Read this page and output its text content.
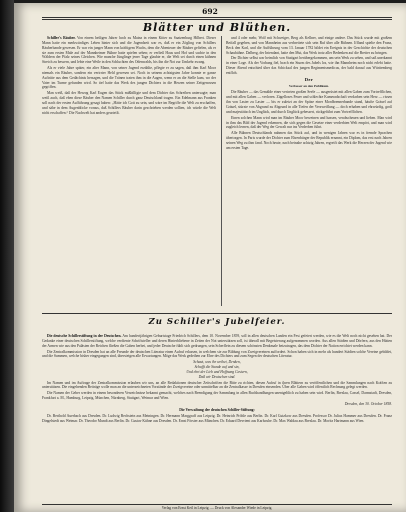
692
Blätter und Blüthen.

Schiller's Räuber. Von einem heiligen Jahrer hoch zu Mainz in einem Kitter zu Saatzenburg Hilbert. Dieser Mann hatte ein merkwürdiges Leben hinter sich und die Jugendzeit war es, daß er ein Zögling von Schillers Räuberbande gewesen. Er war ein junger Mann von kräftigem Wuchs, dem die Abenteuer der Räuber gefielen, als er sie zum ersten Male auf der Mannheimer Bühne hatte spielen sehen; er verließ Haus und Hof und suchte in den Wäldern der Pfalz seines Gleichen. Wie manche Jünglinge jener Tage glaubte er, die Welt sei durch einen kühnen Streich zu bessern, und lebte eine Weile in den Schluchten des Odenwalds, bis ihn die Not zur Umkehr zwang.

Als er viele Jahre später, ein alter Mann, von seiner Jugend erzählte, pflegte er zu sagen, daß ihm Karl Moor niemals ein Räuber, sondern ein verirrter Held gewesen sei. Noch in seinem achtzigsten Jahre konnte er ganze Auftritte aus dem Gedächtnis hersagen, und die Tränen traten ihm in die Augen, wenn er an die Stelle kam, wo der Vater im Turme gefunden wird. So tief hatte das Werk des jungen Dichters in die Herzen seiner Zeitgenossen gegriffen.

Man weiß, daß der Herzog Karl Eugen das Stück mißbilligte und dem Dichter das Schreiben untersagte; man weiß auch, daß eben diese Räuber den Namen Schiller durch ganz Deutschland trugen. Ein Edelmann aus Franken soll nach der ersten Aufführung gesagt haben: „Hätte ich Gott zu sein, und wäre im Begriffe die Welt zu erschaffen, und sähe in dem Augenblicke voraus, daß Schillers Räuber darin geschrieben werden sollten, ich würde die Welt nicht erschaffen.“ Die Nachwelt hat anders geurteilt.

und 4 oder mehr, Wolf mit Schweiger, Berg als Kellner, und einige andere. Das Stück wurde mit großem Beifall gegeben, und von Mannheim aus verbreitete sich sein Ruf über alle Bühnen. Iffland spielte den Franz, Beck den Karl, und die Aufführung vom 13. Januar 1782 bildet ein Ereignis in der Geschichte der deutschen Schaubühne. Dalberg, der Intendant, hatte den Mut, das Werk trotz aller Bedenken auf die Bretter zu bringen.

Der Dichter selbst war heimlich von Stuttgart herübergekommen, um sein Werk zu sehen, und saß unerkannt in einer Loge. Als der Vorhang fiel, brach ein Sturm des Jubels los, wie ihn Mannheim noch nicht erlebt hatte. Dieser Abend entschied über das Schicksal des jungen Regimentsmedicus, der bald darauf aus Württemberg entfloh.

Der
Verfasser an den Publikum.

Die Räuber — das Gemälde einer verirrten großen Seele — ausgerüstet mit allen Gaben zum Vortrefflichen, und mit allen Gaben — verloren. Zügelloses Feuer und schlechte Kameradschaft verdarben sein Herz — rissen ihn von Laster zu Laster — bis er zuletzt an der Spitze einer Mordbrennerbande stand, häufte Gräuel auf Gräuel, stürzte von Abgrund zu Abgrund in alle Tiefen der Verzweiflung — doch erhaben und ehrwürdig, groß und majestätisch im Unglück, und durch Unglück gebessert, rückgeführt zum Vortrefflichen.

Einen solchen Mann wird man im Räuber Moor beweinen und hassen, verabscheuen und lieben. Man wird in ihm das Bild der Jugend erkennen, die sich gegen die Gesetze einer verderbten Welt empört, und man wird zugleich lernen, daß der Weg der Gewalt nur ins Verderben führt.

Alle Bühnen Deutschlands nahmen das Stück auf, und in wenigen Jahren war es in fremde Sprachen übertragen. In Paris wurde der Dichter zum Ehrenbürger der Republik ernannt, ein Diplom, das erst nach Jahren seinen Weg zu ihm fand. Noch heute, nach beinahe achtzig Jahren, ergreift das Werk die Herzen der Jugend wie am ersten Tage.

Zu Schiller's Jubelfeier.

Die deutsche Schillerstiftung in der Deutschen. Am hundertjährigen Geburtstage Friedrich Schillers, dem 10. November 1859, soll in allen deutschen Landen ein Fest gefeiert werden, wie es die Welt noch nicht gesehen hat. Der Gedanke einer deutschen Schillerstiftung, welche verdiente Schriftsteller und deren Hinterbliebene in Zeiten der Not unterstützen soll, ist überall mit Begeisterung aufgenommen worden. Aus allen Städten und Dörfern, aus den Hütten der Armen wie aus den Palästen der Reichen fließen die Gaben herbei, und jeder Deutsche fühlt sich gedrungen, sein Scherflein zu diesem schönsten Denkmale beizutragen, das dem Dichter der Nation errichtet werden kann.

Die Zentralkommission in Dresden hat an alle Freunde der deutschen Literatur einen Aufruf erlassen, in welchem sie zur Bildung von Zweigvereinen auffordert. Schon haben sich in mehr als hundert Städten solche Vereine gebildet, und die Summen, welche bisher eingegangen sind, übersteigen alle Erwartungen. Möge das Werk gedeihen zur Ehre des Dichters und zum Segen der deutschen Literatur.

Schaut, was ihr weihet, Denken,
Schafft die Stunde auf und sin,
Und ehrt der Lieb und Hoffnung Gestern,
Daß wir Deutschen sind.

Im Namen und im Auftrage der Zentralkommission erlauben wir uns, an alle Redaktionen deutscher Zeitschriften die Bitte zu richten, diesen Aufruf in ihren Blättern zu veröffentlichen und die Sammlungen nach Kräften zu unterstützen. Die eingehenden Beiträge wolle man an die unterzeichneten Vorstände der Zweigvereine oder unmittelbar an die Zentralkasse in Dresden einsenden. Über alle Gaben wird öffentlich Rechnung gelegt werden.

Die Namen der Geber werden in einem besonderen Verzeichnisse bekannt gemacht, welches nach Beendigung der Sammlung in allen Buchhandlungen unentgeltlich zu haben sein wird. Berlin, Breslau, Cassel, Darmstadt, Dresden, Frankfurt a. M., Hamburg, Leipzig, München, Nürnberg, Stuttgart, Weimar und Wien.

Dresden, den 30. October 1858.

Die Verwaltung der deutschen Schiller-Stiftung:

Dr. Berthold Auerbach aus Dresden. Dr. Ludwig Bechstein aus Meiningen. Dr. Hermann Marggraff aus Leipzig. Dr. Heinrich Pröhle aus Berlin. Dr. Karl Gutzkow aus Dresden. Professor Dr. Julius Hammer aus Dresden. Dr. Franz Dingelstedt aus Weimar. Dr. Theodor Mundt aus Berlin. Dr. Gustav Kühne aus Dresden. Dr. Ernst Förster aus München. Dr. Eduard Devrient aus Karlsruhe. Dr. Max Waldau aus Breslau. Dr. Moritz Hartmann aus Wien.

Verlag von Ernst Keil in Leipzig. — Druck von Alexander Wiede in Leipzig.
